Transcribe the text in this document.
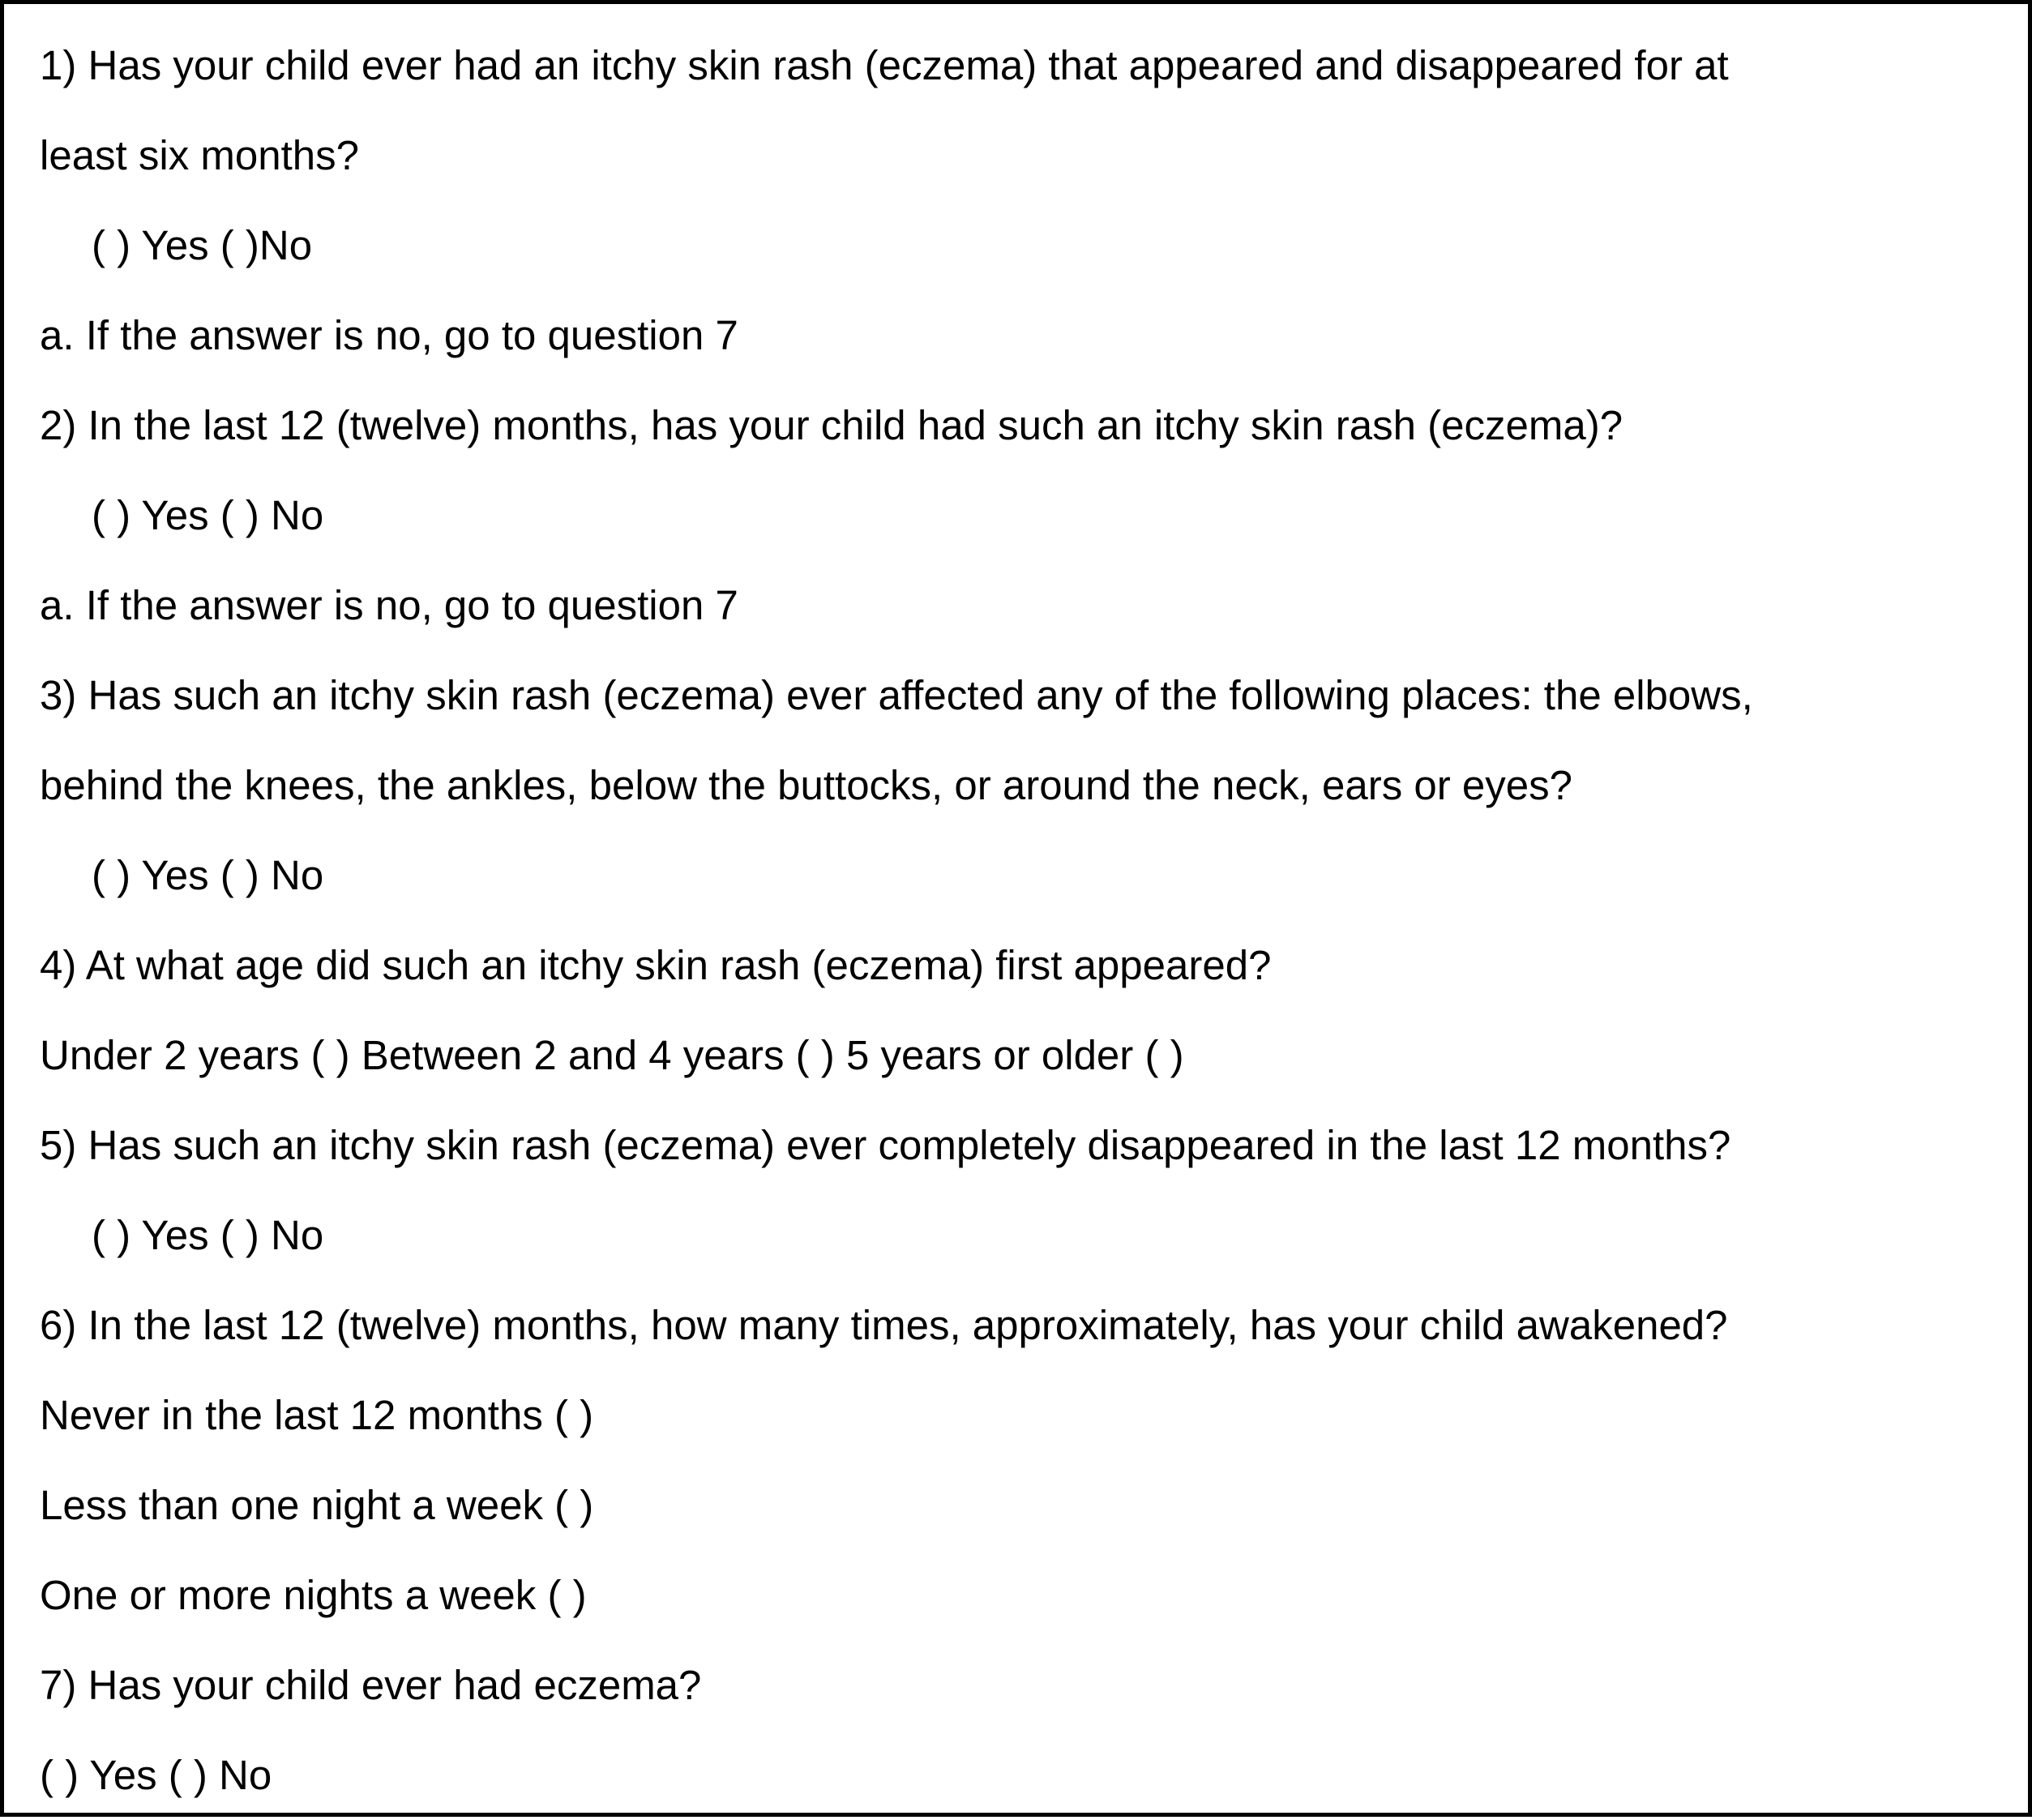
1) Has your child ever had an itchy skin rash (eczema) that appeared and disappeared for at
least six months?
( ) Yes ( )No
a. If the answer is no, go to question 7
2) In the last 12 (twelve) months, has your child had such an itchy skin rash (eczema)?
( ) Yes ( ) No
a. If the answer is no, go to question 7
3) Has such an itchy skin rash (eczema) ever affected any of the following places: the elbows,
behind the knees, the ankles, below the buttocks, or around the neck, ears or eyes?
( ) Yes ( ) No
4) At what age did such an itchy skin rash (eczema) first appeared?
Under 2 years ( ) Between 2 and 4 years ( ) 5 years or older ( )
5) Has such an itchy skin rash (eczema) ever completely disappeared in the last 12 months?
( ) Yes ( ) No
6) In the last 12 (twelve) months, how many times, approximately, has your child awakened?
Never in the last 12 months ( )
Less than one night a week ( )
One or more nights a week ( )
7) Has your child ever had eczema?
( ) Yes ( ) No
